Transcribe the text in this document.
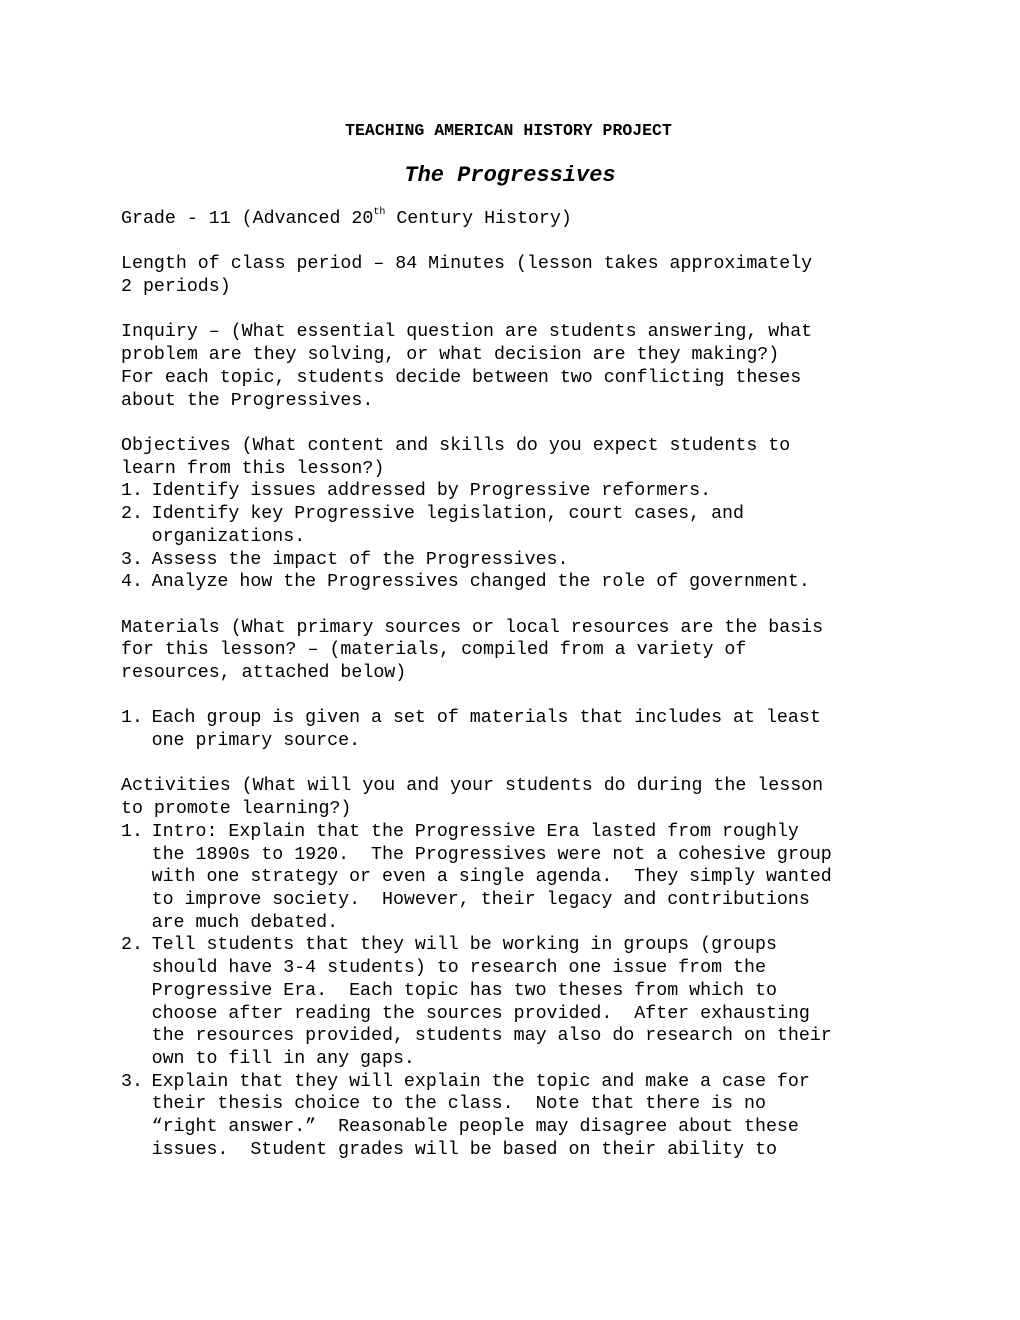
TEACHING AMERICAN HISTORY PROJECT
The Progressives

Grade - 11 (Advanced 20th Century History)

Length of class period – 84 Minutes (lesson takes approximately

2 periods)

Inquiry – (What essential question are students answering, what

problem are they solving, or what decision are they making?)

For each topic, students decide between two conflicting theses

about the Progressives.

Objectives (What content and skills do you expect students to

learn from this lesson?)

1. Identify issues addressed by Progressive reformers.
2. Identify key Progressive legislation, court cases, and
organizations.
3. Assess the impact of the Progressives.
4. Analyze how the Progressives changed the role of government.

Materials (What primary sources or local resources are the basis

for this lesson? – (materials, compiled from a variety of

resources, attached below)

1. Each group is given a set of materials that includes at least
one primary source.

Activities (What will you and your students do during the lesson

to promote learning?)

1. Intro: Explain that the Progressive Era lasted from roughly
the 1890s to 1920.  The Progressives were not a cohesive group
with one strategy or even a single agenda.  They simply wanted
to improve society.  However, their legacy and contributions
are much debated.
2. Tell students that they will be working in groups (groups
should have 3-4 students) to research one issue from the
Progressive Era.  Each topic has two theses from which to
choose after reading the sources provided.  After exhausting
the resources provided, students may also do research on their
own to fill in any gaps.
3. Explain that they will explain the topic and make a case for
their thesis choice to the class.  Note that there is no
“right answer.”  Reasonable people may disagree about these
issues.  Student grades will be based on their ability to
